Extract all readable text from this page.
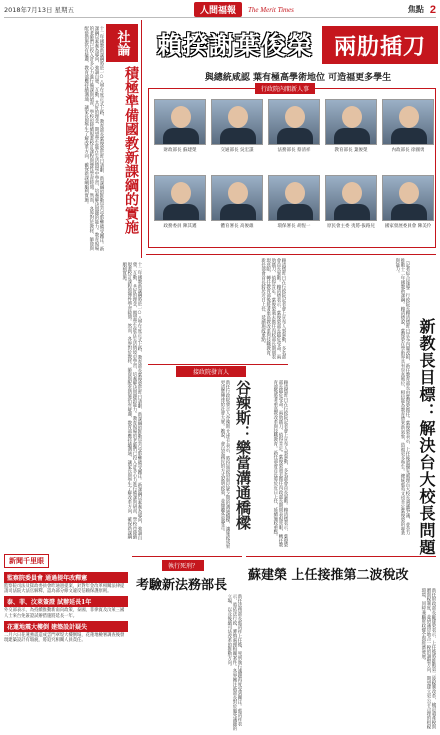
2018年7月13日 星期五	人間福報	The Merit Times	焦點 2
社論
積極準備國教新課綱的實施
十二年國教新課綱將於一○八學年度正式上路，教育部長葉俊榮於昨日請辭，新課綱的推動是否受影響備受關注。新課綱以素養為導向，強調自發、互動、共好的理念，期望學生能在生活情境中學習，培養解決問題的能力。教育現場的老師們已投入許多心力進行備課與研習，學校也陸續規畫校訂課程與彈性學習時間。然而，各界對於教材、師資與配套措施仍有疑慮，教育部應持續溝通，讓家長與學生了解改革方向，確保新課綱順利實施。	賴揆謝葉俊榮 兩肋插刀
與總統咸認 葉有極高學術地位 可造福更多學生
行政院內閣新人事
財政部長 蘇建榮	交通部長 吳宏謀	法務部長 蔡清祥	教育部長 葉俊榮	內政部長 徐國勇
政務委員 陳其邁	體育署長 高俊雄	環保署長 胡恆一	原民會主委 夷將‧拔路兒	國家發展委員會 陳美伶
（記者綜合報導）行政院長賴清德昨日宣布內閣改組，新任教育部長由葉俊榮擔任。葉俊榮表示，上任後將優先處理台大校長遴選爭議，並全力推動十二年國教新課綱。賴清德說，葉俊榮在學術界具有崇高地位，相信能為教育帶來新氣象，造福更多學生。總統蔡英文也肯定葉俊榮的專業與能力。
新教長目標：解決台大校長問題
賴清德昨日在行政院記者會上宣布人事異動，多名部會首長異動。賴清德表示，葉俊榮部長臨危受命，兩肋插刀，值得肯定。葉俊榮過去擔任內政部長期間表現亮眼，轉任教育部後將著重高教改革與技職教育。新任部會首長將於近日上任，延續施政重點。
接政院發言人
谷辣斯：樂當溝通橋樑
新任行政院發言人谷辣斯‧尤達卡表示，將扮演政府與民眾之間的溝通橋樑，讓施政成果更清楚傳達給社會大眾。她說，會以更親民的方式說明政策，並傾聽各界聲音。	賴清德昨日在行政院記者會上宣布人事異動，多名部會首長異動。賴清德表示，葉俊榮部長臨危受命，兩肋插刀，值得肯定。葉俊榮過去擔任內政部長期間表現亮眼，轉任教育部後將著重高教改革與技職教育。新任部會首長將於近日上任，延續施政重點。
十二年國教新課綱將於一○八學年度正式上路，教育部長葉俊榮於昨日請辭，新課綱的推動是否受影響備受關注。新課綱以素養為導向，強調自發、互動、共好的理念，期望學生能在生活情境中學習，培養解決問題的能力。教育現場的老師們已投入許多心力進行備課與研習，學校也陸續規畫校訂課程與彈性學習時間。然而，各界對於教材、師資與配套措施仍有疑慮，教育部應持續溝通，讓家長與學生了解改革方向，確保新課綱順利實施。
新聞千里眼
監察院委員會 通過提年改釋憲
監察院司法及獄政委員會昨通過提案，針對年金改革相關法律提請司法院大法官解釋，認為部分條文違反信賴保護原則。
泰、菲、汶萊簽證 試辦延長1年
外交部表示，為持續推動新南向政策，泰國、菲律賓及汶萊三國人士來台免簽證試辦措施將延長一年。
花蓮地震大樓倒 建築設計疑失
二月六日花蓮強震造成雲門翠堤大樓倒塌，花蓮地檢署調查後發現建築設計有瑕疵，將追究相關人員責任。
執行死刑？
考驗新法務部長
新任法務部長蔡清祥上任後，死刑執行議題再度受到關注。蔡清祥表示，將依法行政，審慎處理相關案件。各界關注新部長對於廢死議題的立場，以及後續司法改革的推動方向。
蘇建榮 上任接推第二波稅改
新任財政部長蘇建榮表示，上任後將推動第二波稅制改革，檢討遺產稅與贈與稅制度，並研議房地合一稅的調整方向，期望建立更公平合理的租稅環境，同時兼顧財政健全與經濟發展。
